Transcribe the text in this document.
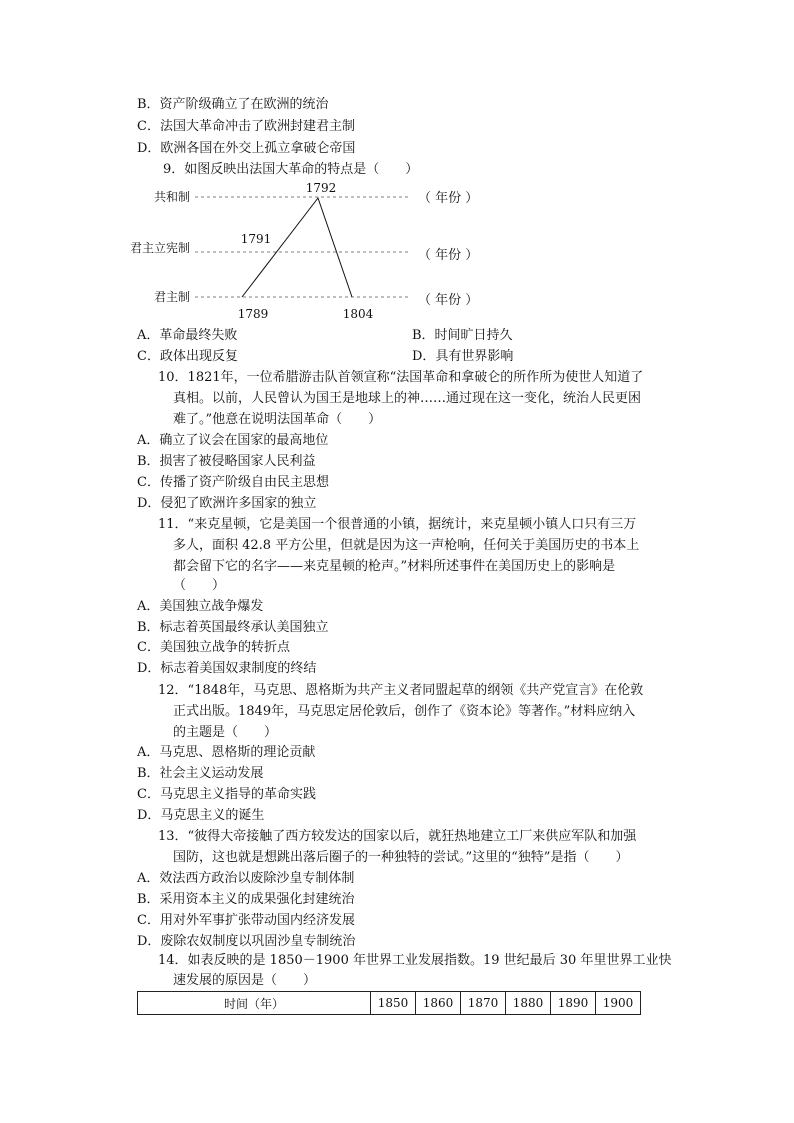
B．资产阶级确立了在欧洲的统治
C．法国大革命冲击了欧洲封建君主制
D．欧洲各国在外交上孤立拿破仑帝国
9．如图反映出法国大革命的特点是（　　）
共和制
君主立宪制
君主制
（ 年份 ）
（ 年份 ）
（ 年份 ）
1792
1791
1789	1804
A．革命最终失败	B．时间旷日持久
C．政体出现反复	D．具有世界影响
10．1821年，一位希腊游击队首领宣称“法国革命和拿破仑的所作所为使世人知道了
真相。以前，人民曾认为国王是地球上的神……通过现在这一变化，统治人民更困
难了。”他意在说明法国革命（　　）
A．确立了议会在国家的最高地位
B．损害了被侵略国家人民利益
C．传播了资产阶级自由民主思想
D．侵犯了欧洲许多国家的独立
11．“来克星顿，它是美国一个很普通的小镇，据统计，来克星顿小镇人口只有三万
多人，面积 42.8 平方公里，但就是因为这一声枪响，任何关于美国历史的书本上
都会留下它的名字——来克星顿的枪声。”材料所述事件在美国历史上的影响是
（　　）
A．美国独立战争爆发
B．标志着英国最终承认美国独立
C．美国独立战争的转折点
D．标志着美国奴隶制度的终结
12．“1848年，马克思、恩格斯为共产主义者同盟起草的纲领《共产党宣言》在伦敦
正式出版。1849年，马克思定居伦敦后，创作了《资本论》等著作。”材料应纳入
的主题是（　　）
A．马克思、恩格斯的理论贡献
B．社会主义运动发展
C．马克思主义指导的革命实践
D．马克思主义的诞生
13．“彼得大帝接触了西方较发达的国家以后，就狂热地建立工厂来供应军队和加强
国防，这也就是想跳出落后圈子的一种独特的尝试。”这里的“独特”是指（　　）
A．效法西方政治以废除沙皇专制体制
B．采用资本主义的成果强化封建统治
C．用对外军事扩张带动国内经济发展
D．废除农奴制度以巩固沙皇专制统治
14．如表反映的是 1850－1900 年世界工业发展指数。19 世纪最后 30 年里世界工业快
速发展的原因是（　　）
时间（年）	1850	1860	1870	1880	1890	1900
